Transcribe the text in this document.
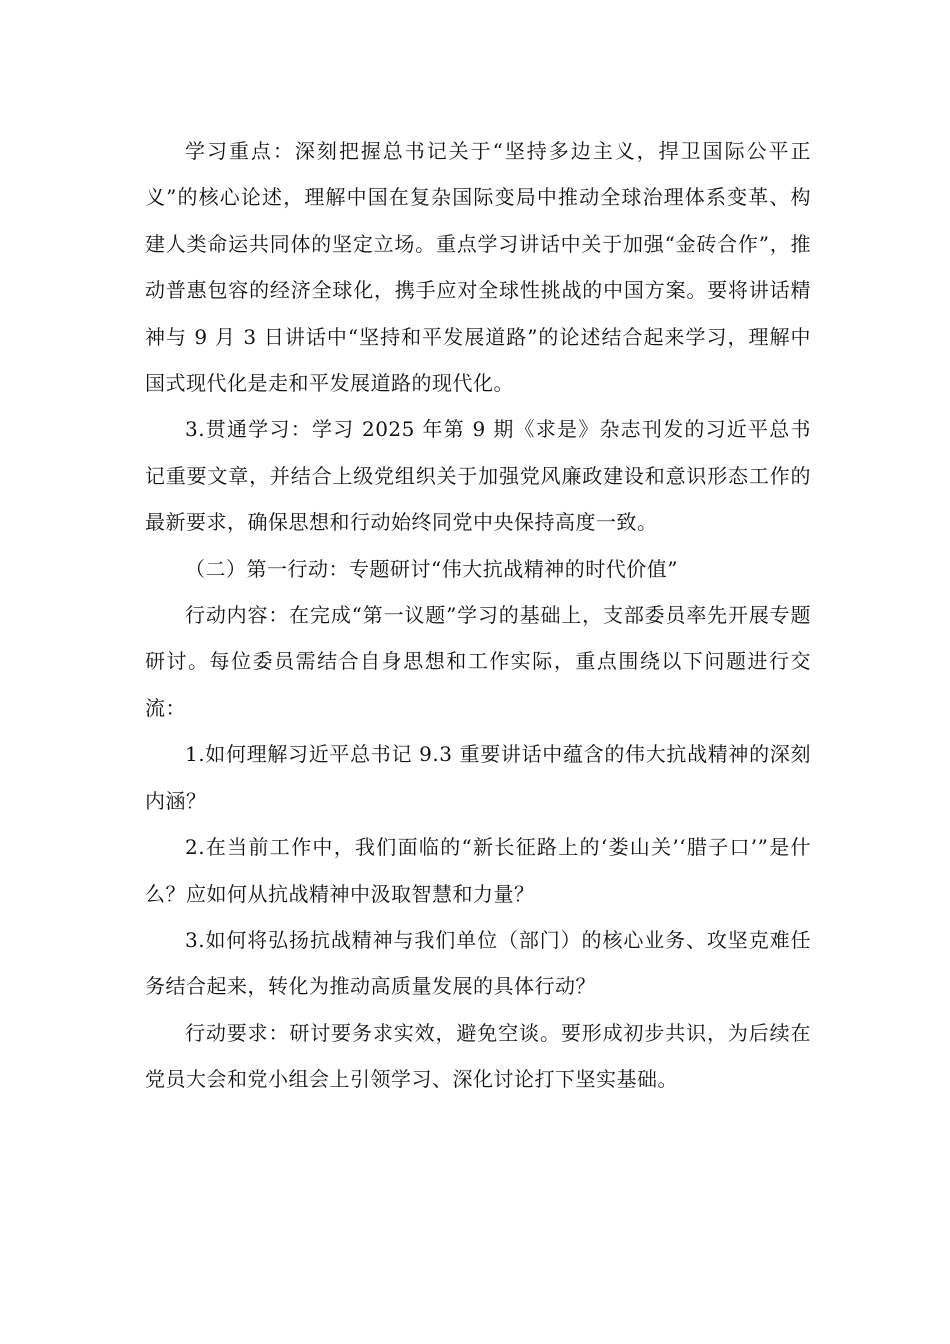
学习重点：深刻把握总书记关于“坚持多边主义，捍卫国际公平正义”的核心论述，理解中国在复杂国际变局中推动全球治理体系变革、构建人类命运共同体的坚定立场。重点学习讲话中关于加强“金砖合作”，推动普惠包容的经济全球化，携手应对全球性挑战的中国方案。要将讲话精神与 9 月 3 日讲话中“坚持和平发展道路”的论述结合起来学习，理解中国式现代化是走和平发展道路的现代化。

3.贯通学习：学习 2025 年第 9 期《求是》杂志刊发的习近平总书记重要文章，并结合上级党组织关于加强党风廉政建设和意识形态工作的最新要求，确保思想和行动始终同党中央保持高度一致。

（二）第一行动：专题研讨“伟大抗战精神的时代价值”

行动内容：在完成“第一议题”学习的基础上，支部委员率先开展专题研讨。每位委员需结合自身思想和工作实际，重点围绕以下问题进行交流：

1.如何理解习近平总书记 9.3 重要讲话中蕴含的伟大抗战精神的深刻内涵？

2.在当前工作中，我们面临的“新长征路上的‘娄山关’‘腊子口’”是什么？应如何从抗战精神中汲取智慧和力量？

3.如何将弘扬抗战精神与我们单位（部门）的核心业务、攻坚克难任务结合起来，转化为推动高质量发展的具体行动？

行动要求：研讨要务求实效，避免空谈。要形成初步共识，为后续在党员大会和党小组会上引领学习、深化讨论打下坚实基础。
